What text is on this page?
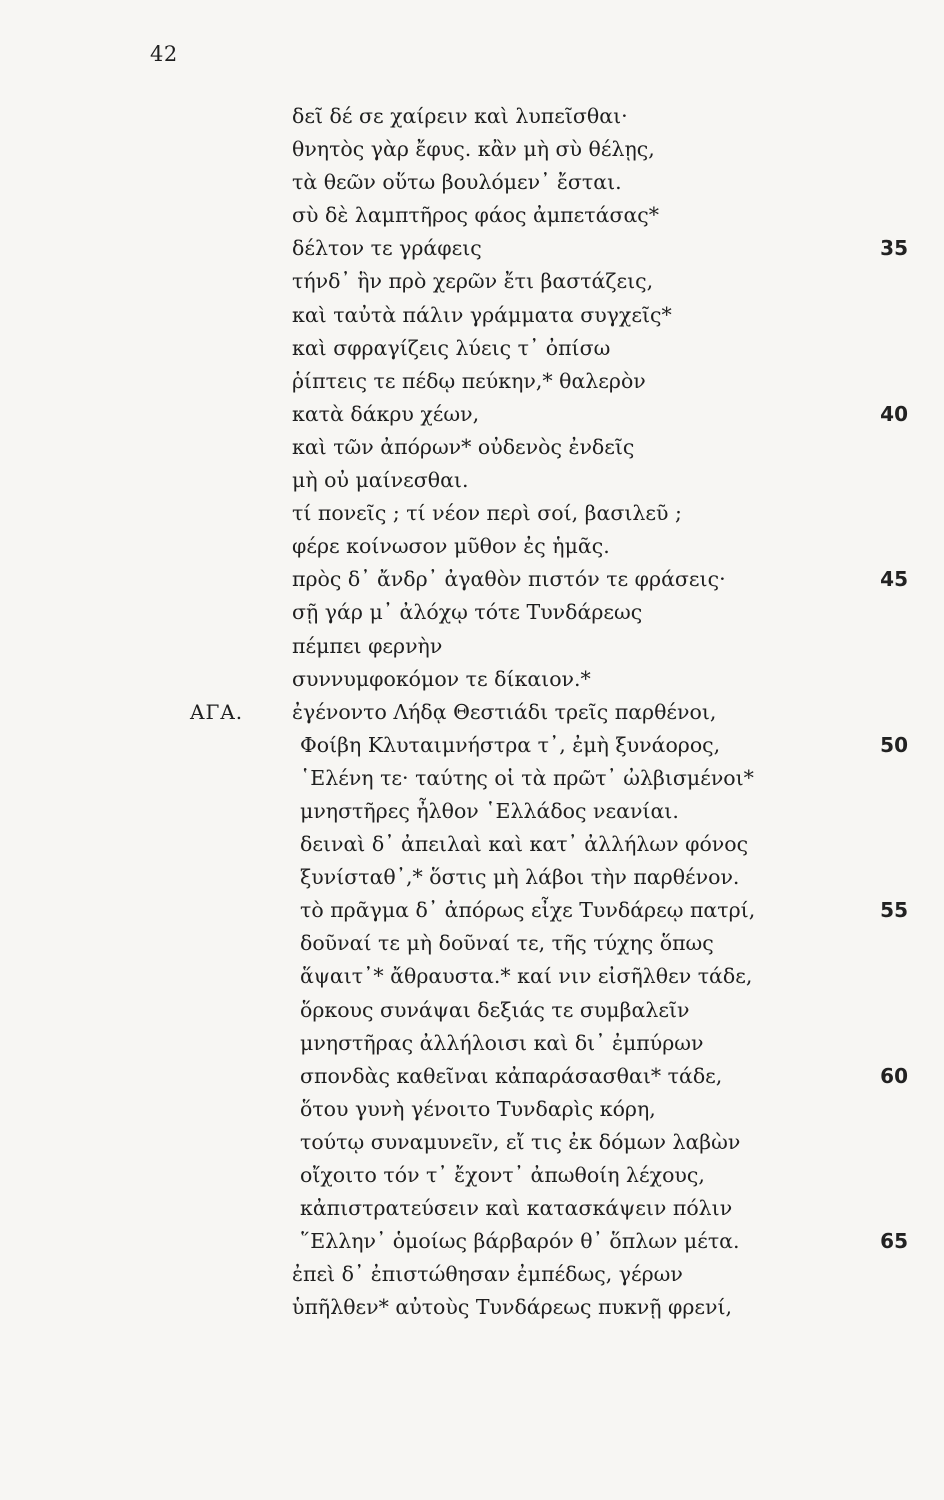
42
δεῖ δέ σε χαίρειν καὶ λυπεῖσθαι·
θνητὸς γὰρ ἔφυς. κἂν μὴ σὺ θέλῃς,
τὰ θεῶν οὕτω βουλόμεν᾽ ἔσται.
σὺ δὲ λαμπτῆρος φάος ἀμπετάσας*
δέλτον τε γράφεις	35
τήνδ᾽ ἣν πρὸ χερῶν ἔτι βαστάζεις,
καὶ ταὐτὰ πάλιν γράμματα συγχεῖς*
καὶ σφραγίζεις λύεις τ᾽ ὀπίσω
ῥίπτεις τε πέδῳ πεύκην,* θαλερὸν
κατὰ δάκρυ χέων,	40
καὶ τῶν ἀπόρων* οὐδενὸς ἐνδεῖς
μὴ οὐ μαίνεσθαι.
τί πονεῖς ; τί νέον περὶ σοί, βασιλεῦ ;
φέρε κοίνωσον μῦθον ἐς ἡμᾶς.
πρὸς δ᾽ ἄνδρ᾽ ἀγαθὸν πιστόν τε φράσεις·	45
σῇ γάρ μ᾽ ἀλόχῳ τότε Τυνδάρεως
πέμπει φερνὴν
συννυμφοκόμον τε δίκαιον.*
ΑΓΑ. ἐγένοντο Λήδᾳ Θεστιάδι τρεῖς παρθένοι,
Φοίβη Κλυταιμνήστρα τ᾽, ἐμὴ ξυνάορος,	50
῾Ελένη τε· ταύτης οἱ τὰ πρῶτ᾽ ὠλβισμένοι*
μνηστῆρες ἦλθον ῾Ελλάδος νεανίαι.
δειναὶ δ᾽ ἀπειλαὶ καὶ κατ᾽ ἀλλήλων φόνος
ξυνίσταθ᾽,* ὅστις μὴ λάβοι τὴν παρθένον.
τὸ πρᾶγμα δ᾽ ἀπόρως εἶχε Τυνδάρεῳ πατρί,	55
δοῦναί τε μὴ δοῦναί τε, τῆς τύχης ὅπως
ἅψαιτ᾽* ἄθραυστα.* καί νιν εἰσῆλθεν τάδε,
ὅρκους συνάψαι δεξιάς τε συμβαλεῖν
μνηστῆρας ἀλλήλοισι καὶ δι᾽ ἐμπύρων
σπονδὰς καθεῖναι κἀπαράσασθαι* τάδε,	60
ὅτου γυνὴ γένοιτο Τυνδαρὶς κόρη,
τούτῳ συναμυνεῖν, εἴ τις ἐκ δόμων λαβὼν
οἴχοιτο τόν τ᾽ ἔχοντ᾽ ἀπωθοίη λέχους,
κἀπιστρατεύσειν καὶ κατασκάψειν πόλιν
῞Ελλην᾽ ὁμοίως βάρβαρόν θ᾽ ὅπλων μέτα.	65
ἐπεὶ δ᾽ ἐπιστώθησαν ἐμπέδως, γέρων
ὑπῆλθεν* αὐτοὺς Τυνδάρεως πυκνῇ φρενί,
